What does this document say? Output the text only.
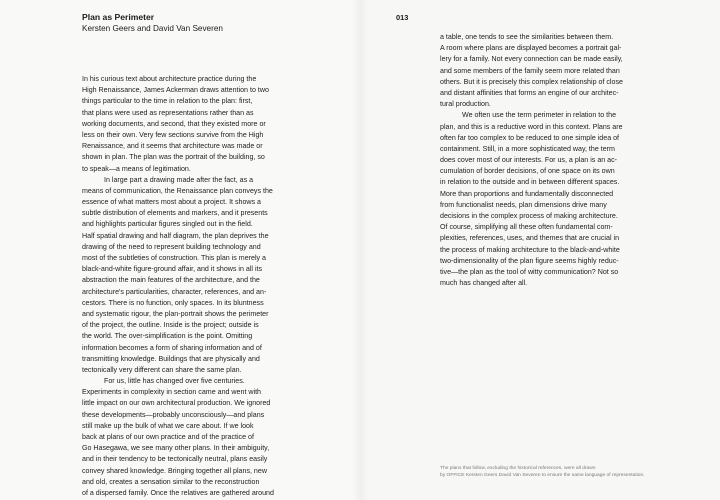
Plan as Perimeter
Kersten Geers and David Van Severen
In his curious text about architecture practice during the
High Renaissance, James Ackerman draws attention to two
things particular to the time in relation to the plan: first,
that plans were used as representations rather than as
working documents, and second, that they existed more or
less on their own. Very few sections survive from the High
Renaissance, and it seems that architecture was made or
shown in plan. The plan was the portrait of the building, so
to speak—a means of legitimation.
In large part a drawing made after the fact, as a
means of communication, the Renaissance plan conveys the
essence of what matters most about a project. It shows a
subtle distribution of elements and markers, and it presents
and highlights particular figures singled out in the field.
Half spatial drawing and half diagram, the plan deprives the
drawing of the need to represent building technology and
most of the subtleties of construction. This plan is merely a
black-and-white figure-ground affair, and it shows in all its
abstraction the main features of the architecture, and the
architecture's particularities, character, references, and an-
cestors. There is no function, only spaces. In its bluntness
and systematic rigour, the plan-portrait shows the perimeter
of the project, the outline. Inside is the project; outside is
the world. The over-simplification is the point. Omitting
information becomes a form of sharing information and of
transmitting knowledge. Buildings that are physically and
tectonically very different can share the same plan.
For us, little has changed over five centuries.
Experiments in complexity in section came and went with
little impact on our own architectural production. We ignored
these developments—probably unconsciously—and plans
still make up the bulk of what we care about. If we look
back at plans of our own practice and of the practice of
Go Hasegawa, we see many other plans. In their ambiguity,
and in their tendency to be tectonically neutral, plans easily
convey shared knowledge. Bringing together all plans, new
and old, creates a sensation similar to the reconstruction
of a dispersed family. Once the relatives are gathered around
013
a table, one tends to see the similarities between them.
A room where plans are displayed becomes a portrait gal-
lery for a family. Not every connection can be made easily,
and some members of the family seem more related than
others. But it is precisely this complex relationship of close
and distant affinities that forms an engine of our architec-
tural production.
We often use the term perimeter in relation to the
plan, and this is a reductive word in this context. Plans are
often far too complex to be reduced to one simple idea of
containment. Still, in a more sophisticated way, the term
does cover most of our interests. For us, a plan is an ac-
cumulation of border decisions, of one space on its own
in relation to the outside and in between different spaces.
More than proportions and fundamentally disconnected
from functionalist needs, plan dimensions drive many
decisions in the complex process of making architecture.
Of course, simplifying all these often fundamental com-
plexities, references, uses, and themes that are crucial in
the process of making architecture to the black-and-white
two-dimensionality of the plan figure seems highly reduc-
tive—the plan as the tool of witty communication? Not so
much has changed after all.
The plans that follow, excluding the historical references, were all drawn
by OFFICE Kersten Geers David Van Severen to ensure the same language of representation.
